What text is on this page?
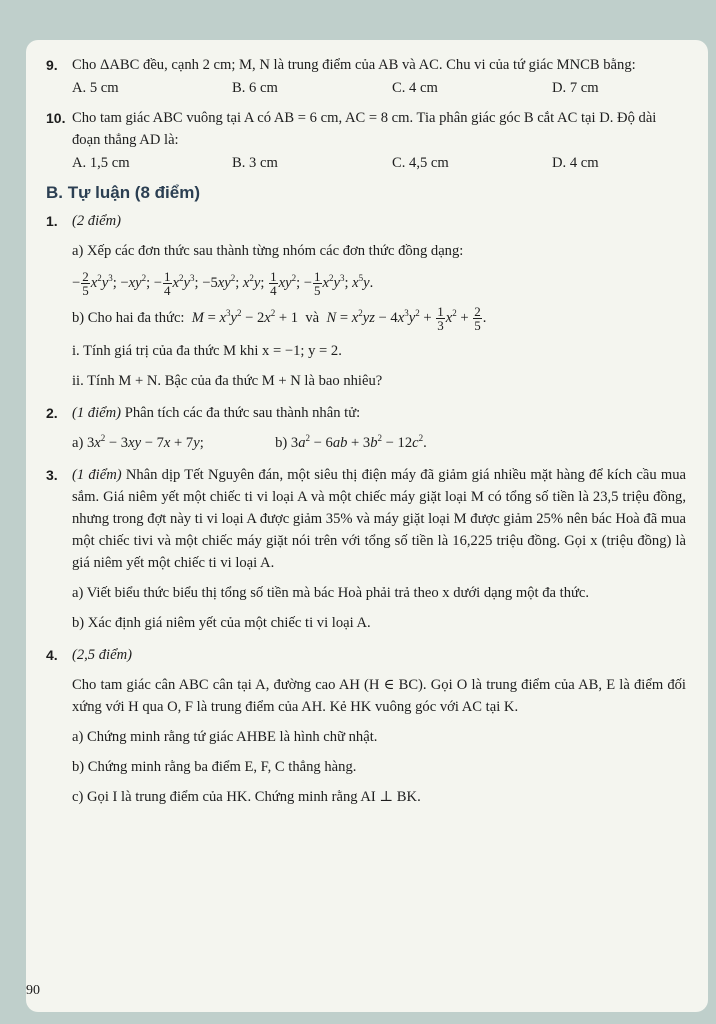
9. Cho ΔABC đều, cạnh 2 cm; M, N là trung điểm của AB và AC. Chu vi của tứ giác MNCB bằng:

A. 5 cm	B. 6 cm	C. 4 cm	D. 7 cm
10. Cho tam giác ABC vuông tại A có AB = 6 cm, AC = 8 cm. Tia phân giác góc B cắt AC tại D. Độ dài đoạn thẳng AD là:

A. 1,5 cm	B. 3 cm	C. 4,5 cm	D. 4 cm
B. Tự luận (8 điểm)
1. (2 điểm)

a) Xếp các đơn thức sau thành từng nhóm các đơn thức đồng dạng:

− $\frac{2}{5} x^2y^3$; $-xy^2$; − $\frac{1}{4} x^2y^3$; $-5xy^2$; $x^2y$; $\frac{1}{4} xy^2$; − $\frac{1}{5} x^2y^3$; $x^5y$.

b) Cho hai đa thức: $M = x^3y^2 - 2x^2 + 1$  và  $N = x^2yz - 4x^3y^2 + \frac{1}{3} x^2 + \frac{2}{5}$ .

i. Tính giá trị của đa thức M khi x = −1; y = 2.

ii. Tính M + N. Bậc của đa thức M + N là bao nhiêu?

2. (1 điểm) Phân tích các đa thức sau thành nhân tử:

a) $3x^2 - 3xy - 7x + 7y$;	b) $3a^2 - 6ab + 3b^2 - 12c^2$.

3. (1 điểm) Nhân dịp Tết Nguyên đán, một siêu thị điện máy đã giảm giá nhiều mặt hàng để kích cầu mua sắm. Giá niêm yết một chiếc ti vi loại A và một chiếc máy giặt loại M có tổng số tiền là 23,5 triệu đồng, nhưng trong đợt này ti vi loại A được giảm 35% và máy giặt loại M được giảm 25% nên bác Hoà đã mua một chiếc tivi và một chiếc máy giặt nói trên với tổng số tiền là 16,225 triệu đồng. Gọi x (triệu đồng) là giá niêm yết một chiếc ti vi loại A.

a) Viết biểu thức biểu thị tổng số tiền mà bác Hoà phải trả theo x dưới dạng một đa thức.

b) Xác định giá niêm yết của một chiếc ti vi loại A.

4. (2,5 điểm)

Cho tam giác cân ABC cân tại A, đường cao AH (H ∈ BC). Gọi O là trung điểm của AB, E là điểm đối xứng với H qua O, F là trung điểm của AH. Kẻ HK vuông góc với AC tại K.

a) Chứng minh rằng tứ giác AHBE là hình chữ nhật.

b) Chứng minh rằng ba điểm E, F, C thẳng hàng.

c) Gọi I là trung điểm của HK. Chứng minh rằng AI ⊥ BK.

90
